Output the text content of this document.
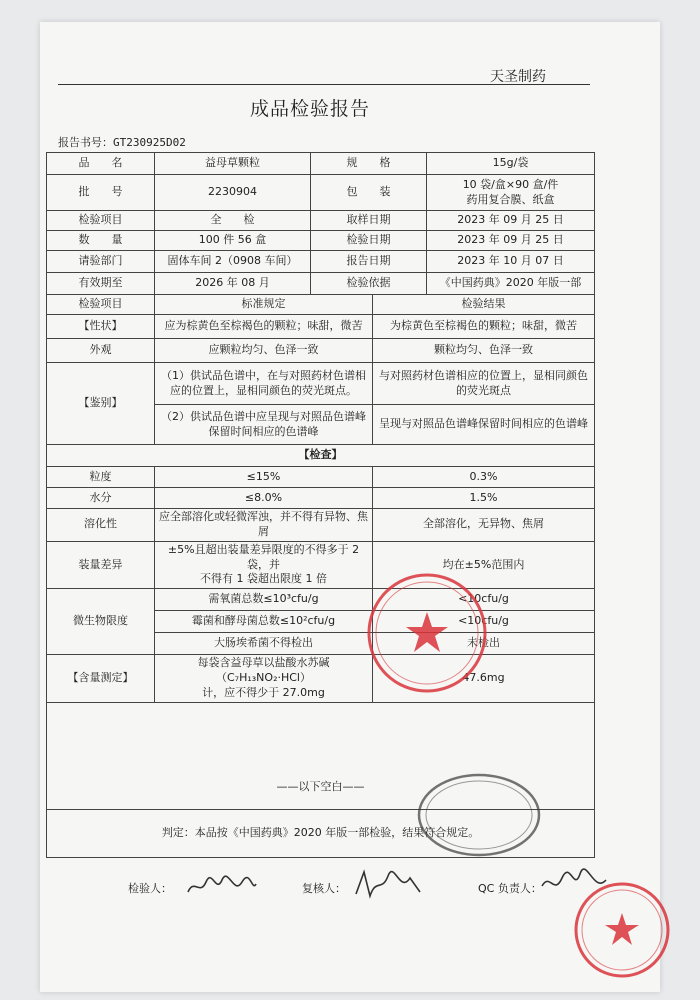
天圣制药
成品检验报告
报告书号：GT230925D02
品　　名	益母草颗粒	规　　格		15g/袋
批　　号	2230904	包　　装		10 袋/盒×90 盒/件
药用复合膜、纸盒

检验项目	全　　检	取样日期		2023 年 09 月 25 日
数　　量	100 件 56 盒	检验日期		2023 年 09 月 25 日
请验部门	固体车间 2（0908 车间）	报告日期		2023 年 10 月 07 日
有效期至	2026 年 08 月	检验依据		《中国药典》2020 年版一部
检验项目	标准规定		检验结果	
【性状】	应为棕黄色至棕褐色的颗粒；味甜，微苦		为棕黄色至棕褐色的颗粒；味甜，微苦	
外观	应颗粒均匀、色泽一致		颗粒均匀、色泽一致	
【鉴别】	（1）供试品色谱中，在与对照药材色谱相应的位置上，显相同颜色的荧光斑点。		与对照药材色谱相应的位置上，显相同颜色的荧光斑点	
	（2）供试品色谱中应呈现与对照品色谱峰保留时间相应的色谱峰		呈现与对照品色谱峰保留时间相应的色谱峰	
【检查】				
粒度	≤15%		0.3%	
水分	≤8.0%		1.5%	
溶化性	应全部溶化或轻微浑浊，并不得有异物、焦屑		全部溶化，无异物、焦屑	
装量差异	±5%且超出装量差异限度的不得多于 2 袋，并
不得有 1 袋超出限度 1 倍		均在±5%范围内	
微生物限度	需氧菌总数≤10³cfu/g		<10cfu/g	
	霉菌和酵母菌总数≤10²cfu/g		<10cfu/g	
	大肠埃希菌不得检出		未检出	
【含量测定】	每袋含益母草以盐酸水苏碱（C₇H₁₃NO₂·HCl）
计，应不得少于 27.0mg		47.6mg	
——以下空白——				
判定：本品按《中国药典》2020 年版一部检验，结果符合规定。				
检验人：	复核人：	QC 负责人：
